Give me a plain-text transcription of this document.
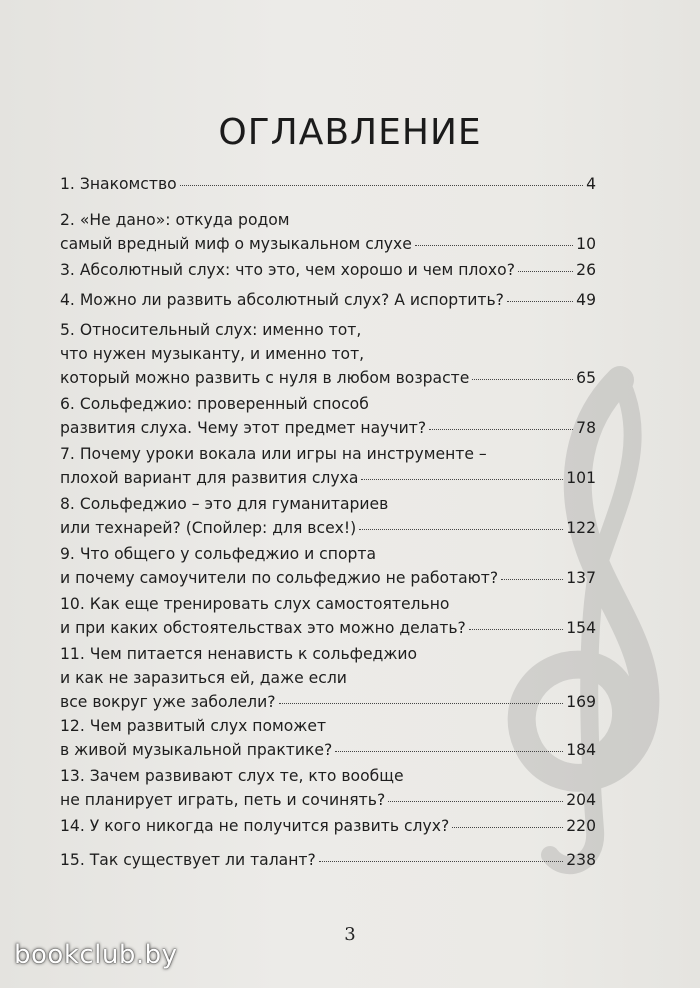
ОГЛАВЛЕНИЕ
1. Знакомство	4
2. «Не дано»: откуда родом
самый вредный миф о музыкальном слухе	10
3. Абсолютный слух: что это, чем хорошо и чем плохо?	26
4. Можно ли развить абсолютный слух? А испортить?	49
5. Относительный слух: именно тот,
что нужен музыканту, и именно тот,
который можно развить с нуля в любом возрасте	65
6. Сольфеджио: проверенный способ
развития слуха. Чему этот предмет научит?	78
7. Почему уроки вокала или игры на инструменте –
плохой вариант для развития слуха	101
8. Сольфеджио – это для гуманитариев
или технарей? (Спойлер: для всех!)	122
9. Что общего у сольфеджио и спорта
и почему самоучители по сольфеджио не работают?	137
10. Как еще тренировать слух самостоятельно
и при каких обстоятельствах это можно делать?	154
11. Чем питается ненависть к сольфеджио
и как не заразиться ей, даже если
все вокруг уже заболели?	169
12. Чем развитый слух поможет
в живой музыкальной практике?	184
13. Зачем развивают слух те, кто вообще
не планирует играть, петь и сочинять?	204
14. У кого никогда не получится развить слух?	220
15. Так существует ли талант?	238
3
bookclub.by
